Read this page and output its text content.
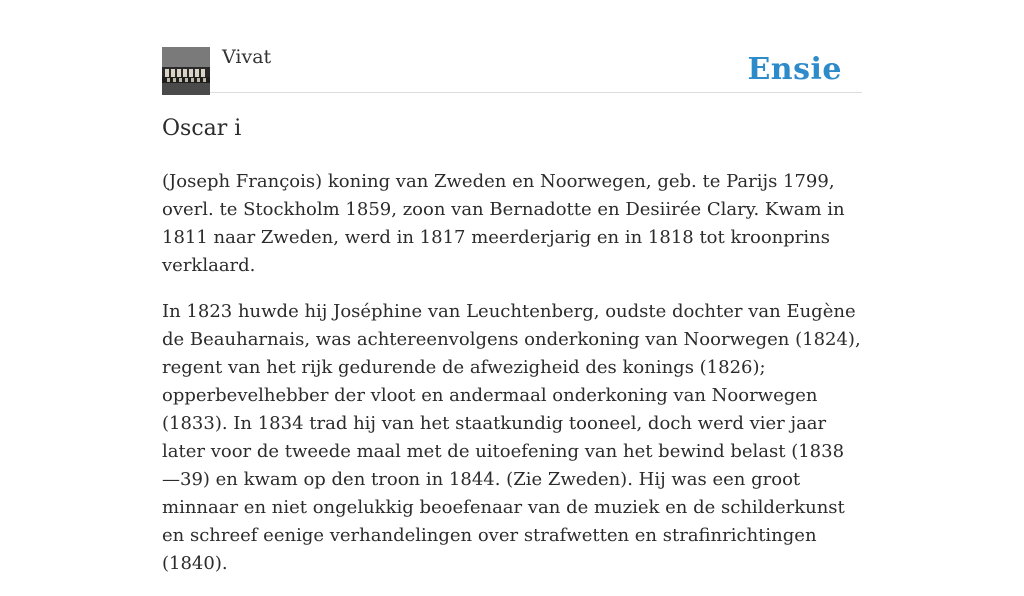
Vivat	Ensie
Oscar i

(Joseph François) koning van Zweden en Noorwegen, geb. te Parijs 1799, overl. te Stockholm 1859, zoon van Bernadotte en Desiirée Clary. Kwam in 1811 naar Zweden, werd in 1817 meerderjarig en in 1818 tot kroonprins verklaard.

In 1823 huwde hij Joséphine van Leuchtenberg, oudste dochter van Eugène de Beauharnais, was achtereenvolgens onderkoning van Noorwegen (1824), regent van het rijk gedurende de afwezigheid des konings (1826); opperbevelhebber der vloot en andermaal onderkoning van Noorwegen (1833). In 1834 trad hij van het staatkundig tooneel, doch werd vier jaar later voor de tweede maal met de uitoefening van het bewind belast (1838—39) en kwam op den troon in 1844. (Zie Zweden). Hij was een groot minnaar en niet ongelukkig beoefenaar van de muziek en de schilderkunst en schreef eenige verhandelingen over strafwetten en strafinrichtingen (1840).
